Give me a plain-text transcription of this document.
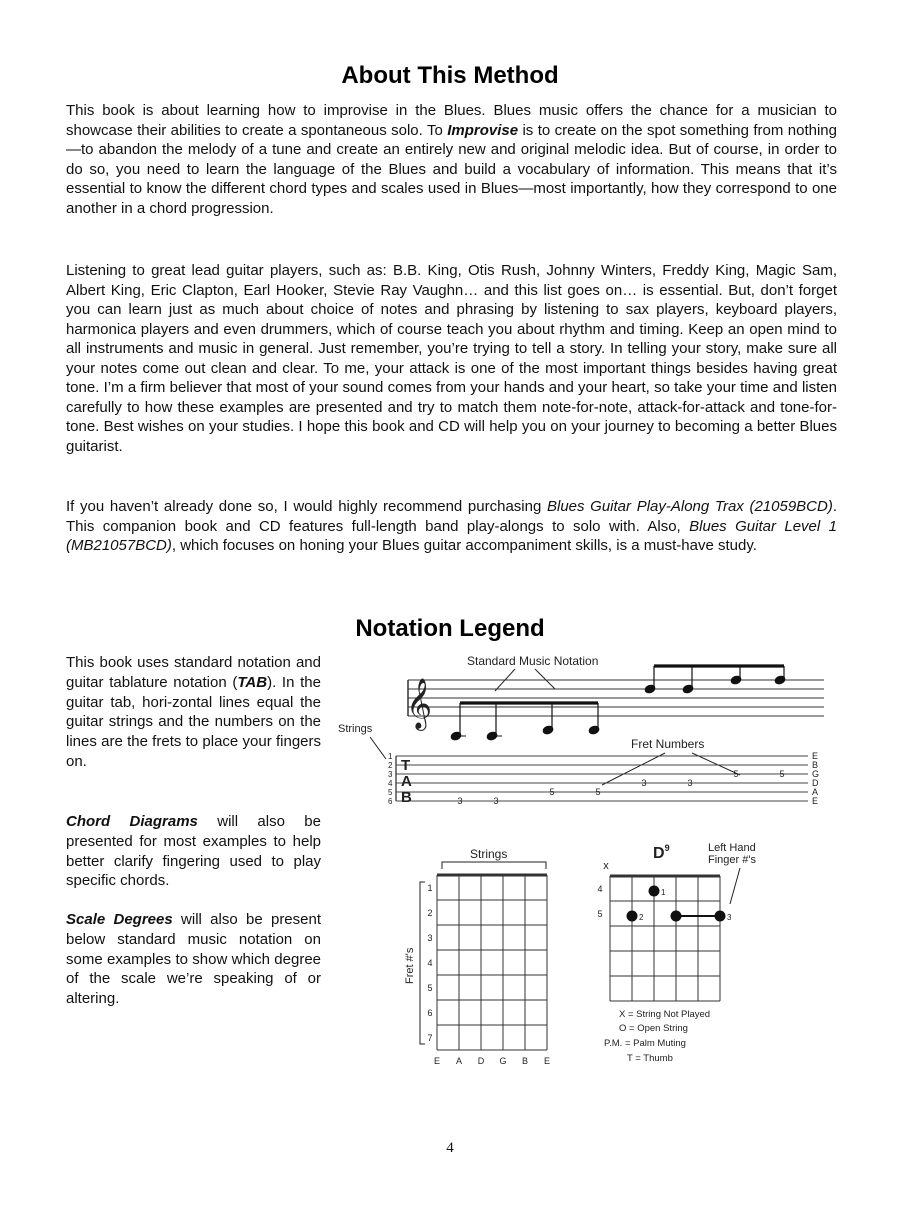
About This Method

This book is about learning how to improvise in the Blues. Blues music offers the chance for a musician to showcase their abilities to create a spontaneous solo. To Improvise is to create on the spot something from nothing—to abandon the melody of a tune and create an entirely new and original melodic idea. But of course, in order to do so, you need to learn the language of the Blues and build a vocabulary of information. This means that it’s essential to know the different chord types and scales used in Blues—most importantly, how they correspond to one another in a chord progression.

Listening to great lead guitar players, such as: B.B. King, Otis Rush, Johnny Winters, Freddy King, Magic Sam, Albert King, Eric Clapton, Earl Hooker, Stevie Ray Vaughn… and this list goes on… is essential. But, don’t forget you can learn just as much about choice of notes and phrasing by listening to sax players, keyboard players, harmonica players and even drummers, which of course teach you about rhythm and timing. Keep an open mind to all instruments and music in general. Just remember, you’re trying to tell a story. In telling your story, make sure all your notes come out clean and clear. To me, your attack is one of the most important things besides having great tone. I’m a firm believer that most of your sound comes from your hands and your heart, so take your time and listen carefully to how these examples are presented and try to match them note-for-note, attack-for-attack and tone-for-tone. Best wishes on your studies. I hope this book and CD will help you on your journey to becoming a better Blues guitarist.

If you haven’t already done so, I would highly recommend purchasing Blues Guitar Play-Along Trax (21059BCD). This companion book and CD features full-length band play-alongs to solo with. Also, Blues Guitar Level 1 (MB21057BCD), which focuses on honing your Blues guitar accompaniment skills, is a must-have study.

Notation Legend

This book uses standard notation and guitar tablature notation (TAB). In the guitar tab, hori-zontal lines equal the guitar strings and the numbers on the lines are the frets to place your fingers on.

Chord Diagrams will also be presented for most examples to help better clarify fingering used to play specific chords.

Scale Degrees will also be present below standard music notation on some examples to show which degree of the scale we’re speaking of or altering.

Standard Music Notation
𝄞
Strings
Fret Numbers
1
2
3
4
5
6
T
A
B	3	3
5	5
3	3
5	5
E
B
G
D
A
E
Strings
Fret #'s
1
2
3
4
5
6
7
E A D G B E
$D^9$	Left Hand Finger #'s
x
4
5
1
2	3
X = String Not Played
O = Open String
P.M. = Palm Muting
T = Thumb
4
